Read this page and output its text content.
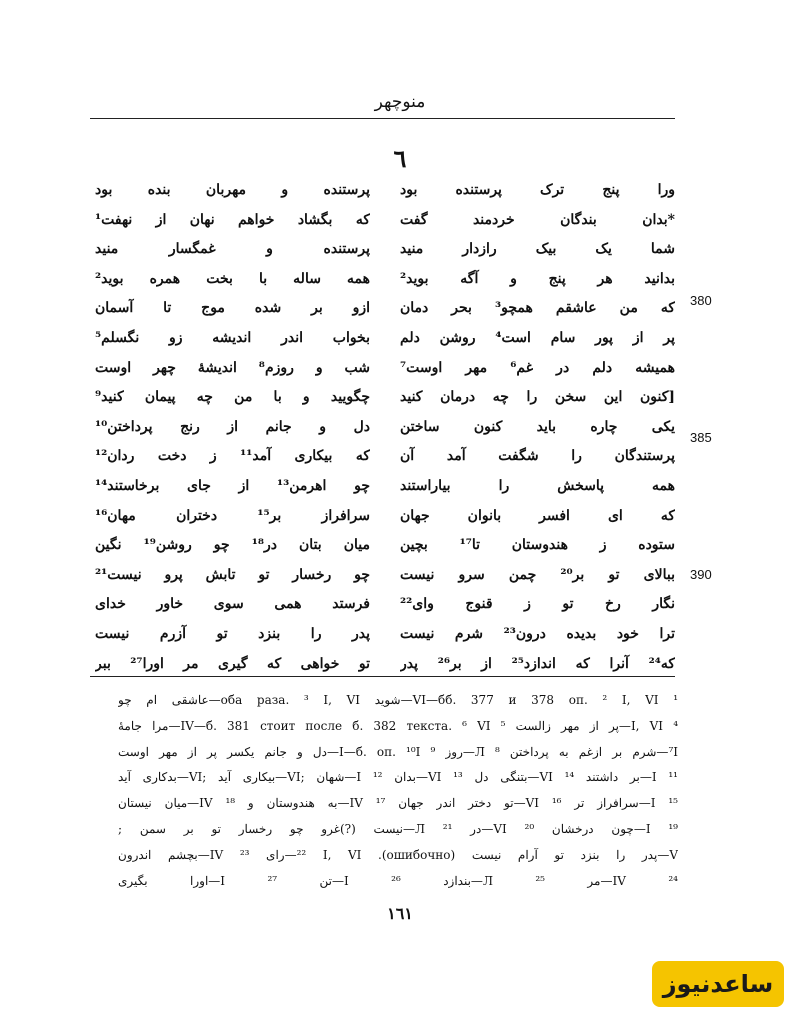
منوچهر
٦
ورا پنج ترک پرستنده بود
*بدان بندگان خردمند گفت
شما یک بیک رازدار منید
بدانید هر پنج و آگه بوید²
که من عاشقم همچو³ بحر دمان
پر از پور سام است⁴ روشن دلم
همیشه دلم در غم⁶ مهر اوست⁷
[کنون این سخن را چه درمان کنید
یکی چاره باید کنون ساختن
پرستندگان را شگفت آمد آن
همه پاسخش را بیاراستند
که ای افسر بانوان جهان
ستوده ز هندوستان تا¹⁷ بچین
ببالای تو بر²⁰ چمن سرو نیست
نگار رخ تو ز قنوج وای²²
ترا خود بدیده درون²³ شرم نیست
که²⁴ آنرا که اندازد²⁵ از بر²⁶ پدر
پرستنده و مهربان بنده بود
که بگشاد خواهم نهان از نهفت¹
پرستنده و غمگسار منید
همه ساله با بخت همره بوید²
ازو بر شده موج تا آسمان
بخواب اندر اندیشه زو نگسلم⁵
شب و روزم⁸ اندیشهٔ چهر اوست
چگویید و با من چه پیمان کنید⁹
دل و جانم از رنج پرداختن¹⁰
که بیکاری آمد¹¹ ز دخت ردان¹²
چو اهرمن¹³ از جای برخاستند¹⁴
سرافراز بر¹⁵ دختران مهان¹⁶
میان بتان در¹⁸ چو روشن¹⁹ نگین
چو رخسار تو تابش پرو نیست²¹
فرستد همی سوی خاور خدای
پدر را بنزد تو آزرم نیست
تو خواهی که گیری مر اورا²⁷ ببر
380
385
390
¹ VI—бб. 377 и 378 оп. ² I, VI—شوید оба раза. ³ I, VI—عاشقی ام چو
⁴ I, VI—پر از مهر زالست ⁵ IV—б. 381 стоит после б. 382 текста. ⁶ VI—مرا جامهٔ
⁷I—شرم بر ازغم به پرداختن ⁸ Л—روز ⁹ I—б. оп. ¹⁰I—دل و جانم یکسر پر از مهر اوست
¹¹ I—بر داشتند ¹⁴ VI—بتنگی دل ¹³ VI—بدان ¹² I—شهان ;VI—بیکاری آید ;VI—بدکاری آید
¹⁵ I—سرافراز تر ¹⁶ VI—تو دختر اندر جهان ¹⁷ IV—به هندوستان و ¹⁸ IV—میان نیستان
¹⁹ I—چون درخشان ²⁰ VI—در ²¹ Л—نیست (?)غرو چو رخسار تو بر سمن ;
V—پدر را بنزد تو آرام نیست (ошибочно). ²² I, VI—رای ²³ IV—بچشم اندرون
²⁴ IV—مر ²⁵ Л—بندازد ²⁶ I—تن ²⁷ I—اورا بگیری
١٦١
ساعدنیوز
